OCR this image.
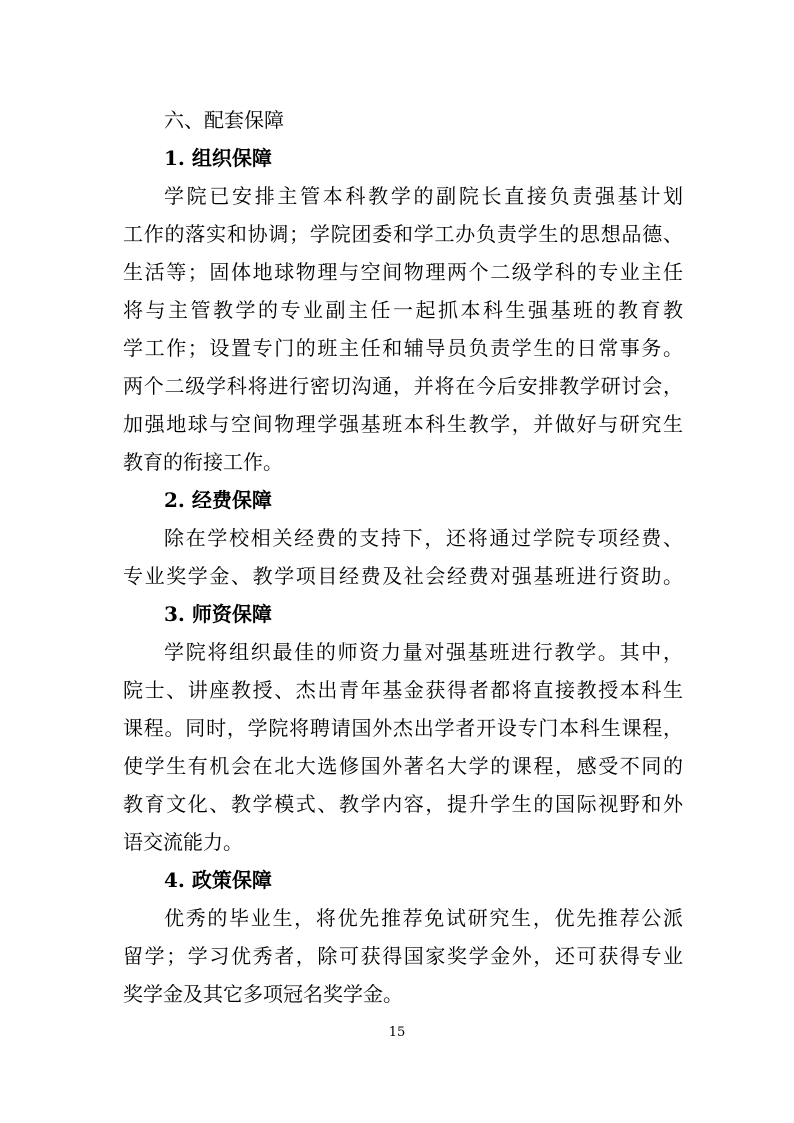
六、配套保障
1. 组织保障

学院已安排主管本科教学的副院长直接负责强基计划

工作的落实和协调；学院团委和学工办负责学生的思想品德、

生活等；固体地球物理与空间物理两个二级学科的专业主任

将与主管教学的专业副主任一起抓本科生强基班的教育教

学工作；设置专门的班主任和辅导员负责学生的日常事务。

两个二级学科将进行密切沟通，并将在今后安排教学研讨会，

加强地球与空间物理学强基班本科生教学，并做好与研究生

教育的衔接工作。

2. 经费保障

除在学校相关经费的支持下，还将通过学院专项经费、

专业奖学金、教学项目经费及社会经费对强基班进行资助。

3. 师资保障

学院将组织最佳的师资力量对强基班进行教学。其中，

院士、讲座教授、杰出青年基金获得者都将直接教授本科生

课程。同时，学院将聘请国外杰出学者开设专门本科生课程，

使学生有机会在北大选修国外著名大学的课程，感受不同的

教育文化、教学模式、教学内容，提升学生的国际视野和外

语交流能力。

4. 政策保障

优秀的毕业生，将优先推荐免试研究生，优先推荐公派

留学；学习优秀者，除可获得国家奖学金外，还可获得专业

奖学金及其它多项冠名奖学金。

15
